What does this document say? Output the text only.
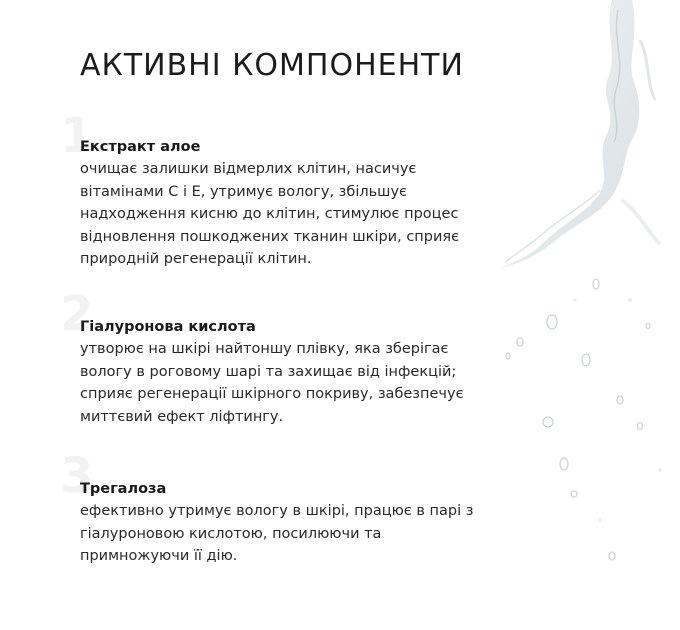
АКТИВНІ КОМПОНЕНТИ
1
Екстракт алое

очищає залишки відмерлих клітин, насичує вітамінами С і Е, утримує вологу, збільшує надходження кисню до клітин, стимулює процес відновлення пошкоджених тканин шкіри, сприяє природній регенерації клітин.

2
Гіалуронова кислота

утворює на шкірі найтоншу плівку, яка зберігає вологу в роговому шарі та захищає від інфекцій; сприяє регенерації шкірного покриву, забезпечує миттєвий ефект ліфтингу.

3
Трегалоза

ефективно утримує вологу в шкірі, працює в парі з гіалуроновою кислотою, посилюючи та примножуючи її дію.
